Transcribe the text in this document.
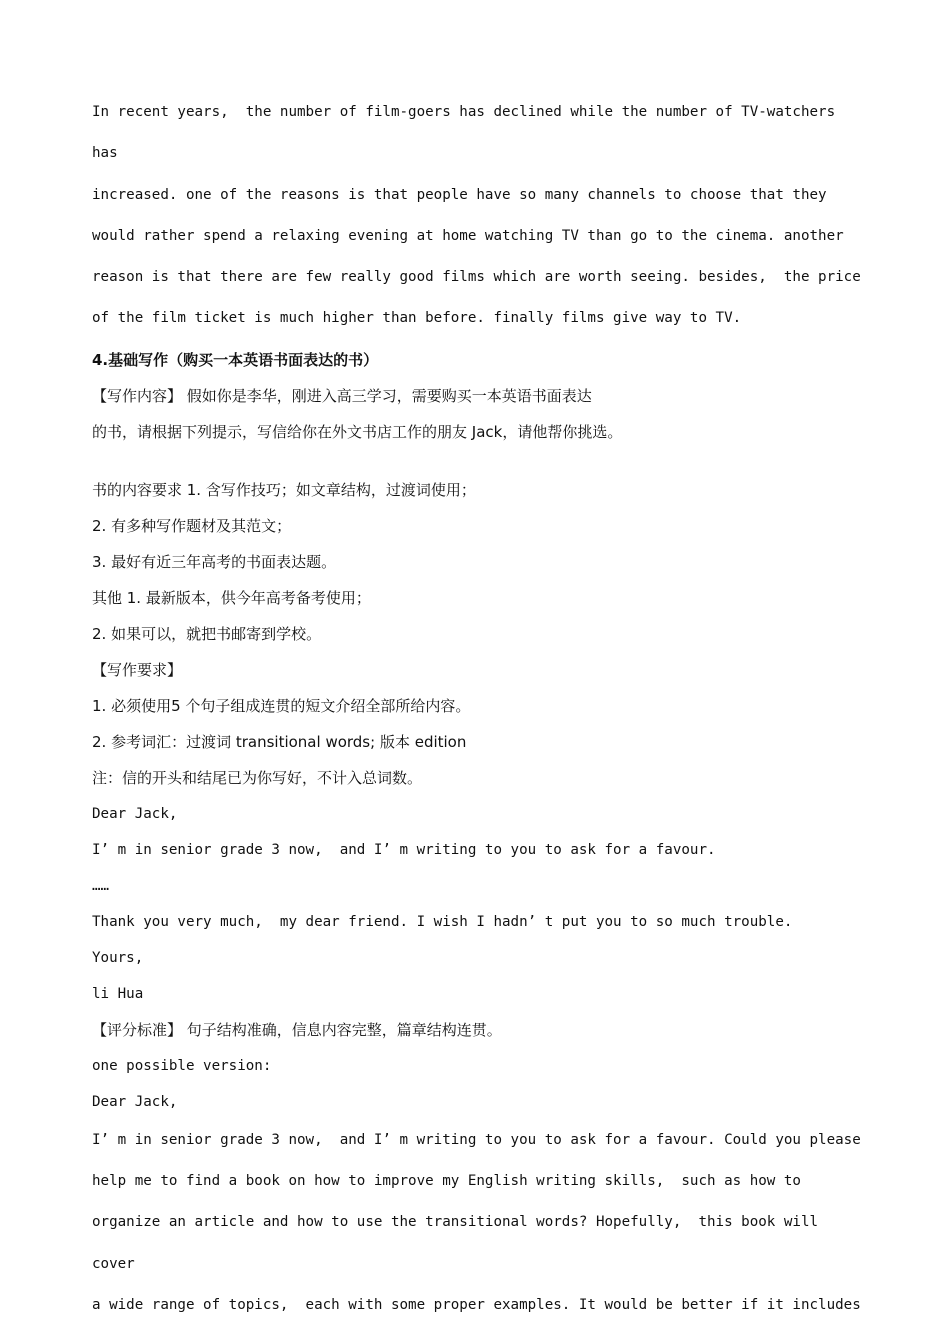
In recent years,  the number of film-goers has declined while the number of TV-watchers has

increased. one of the reasons is that people have so many channels to choose that they

would rather spend a relaxing evening at home watching TV than go to the cinema. another

reason is that there are few really good films which are worth seeing. besides,  the price

of the film ticket is much higher than before. finally films give way to TV.

4.基础写作（购买一本英语书面表达的书）

【写作内容】 假如你是李华，刚进入高三学习，需要购买一本英语书面表达

的书，请根据下列提示，写信给你在外文书店工作的朋友 Jack，请他帮你挑选。

书的内容要求 1. 含写作技巧；如文章结构，过渡词使用；

2. 有多种写作题材及其范文；

3. 最好有近三年高考的书面表达题。

其他 1. 最新版本，供今年高考备考使用；

2. 如果可以，就把书邮寄到学校。

【写作要求】

1. 必须使用5 个句子组成连贯的短文介绍全部所给内容。

2. 参考词汇：过渡词 transitional words; 版本 edition

注：信的开头和结尾已为你写好，不计入总词数。

Dear Jack,

I’ m in senior grade 3 now,  and I’ m writing to you to ask for a favour.

……

Thank you very much,  my dear friend. I wish I hadn’ t put you to so much trouble.

Yours,

li Hua

【评分标准】 句子结构准确，信息内容完整，篇章结构连贯。

one possible version:

Dear Jack,

I’ m in senior grade 3 now,  and I’ m writing to you to ask for a favour. Could you please

help me to find a book on how to improve my English writing skills,  such as how to

organize an article and how to use the transitional words? Hopefully,  this book will cover

a wide range of topics,  each with some proper examples. It would be better if it includes
